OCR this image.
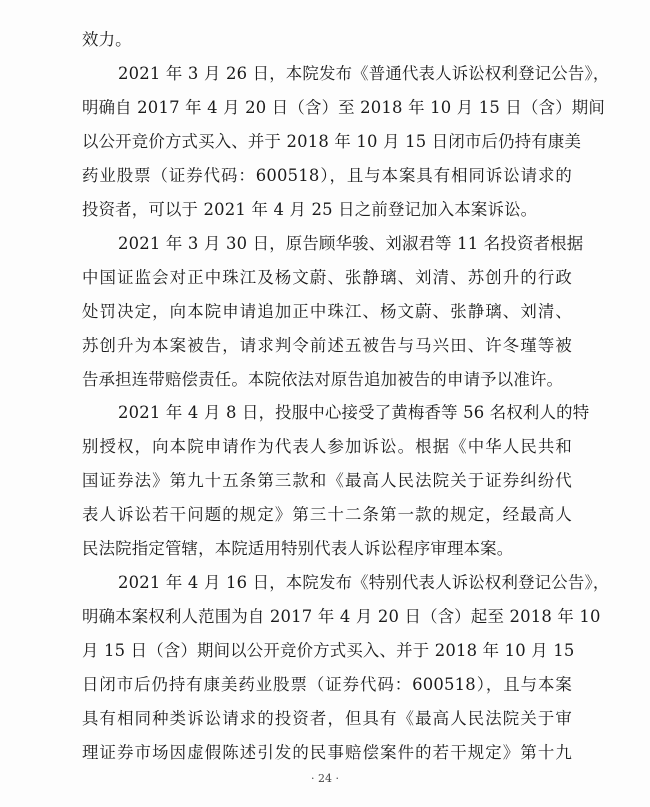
效力。
2021 年 3 月 26 日，本院发布《普通代表人诉讼权利登记公告》，
明确自 2017 年 4 月 20 日（含）至 2018 年 10 月 15 日（含）期间
以公开竞价方式买入、并于 2018 年 10 月 15 日闭市后仍持有康美
药业股票（证券代码：600518），且与本案具有相同诉讼请求的
投资者，可以于 2021 年 4 月 25 日之前登记加入本案诉讼。
2021 年 3 月 30 日，原告顾华骏、刘淑君等 11 名投资者根据
中国证监会对正中珠江及杨文蔚、张静璃、刘清、苏创升的行政
处罚决定，向本院申请追加正中珠江、杨文蔚、张静璃、刘清、
苏创升为本案被告，请求判令前述五被告与马兴田、许冬瑾等被
告承担连带赔偿责任。本院依法对原告追加被告的申请予以准许。
2021 年 4 月 8 日，投服中心接受了黄梅香等 56 名权利人的特
别授权，向本院申请作为代表人参加诉讼。根据《中华人民共和
国证券法》第九十五条第三款和《最高人民法院关于证券纠纷代
表人诉讼若干问题的规定》第三十二条第一款的规定，经最高人
民法院指定管辖，本院适用特别代表人诉讼程序审理本案。
2021 年 4 月 16 日，本院发布《特别代表人诉讼权利登记公告》，
明确本案权利人范围为自 2017 年 4 月 20 日（含）起至 2018 年 10
月 15 日（含）期间以公开竞价方式买入、并于 2018 年 10 月 15
日闭市后仍持有康美药业股票（证券代码：600518），且与本案
具有相同种类诉讼请求的投资者，但具有《最高人民法院关于审
理证券市场因虚假陈述引发的民事赔偿案件的若干规定》第十九
· 24 ·
